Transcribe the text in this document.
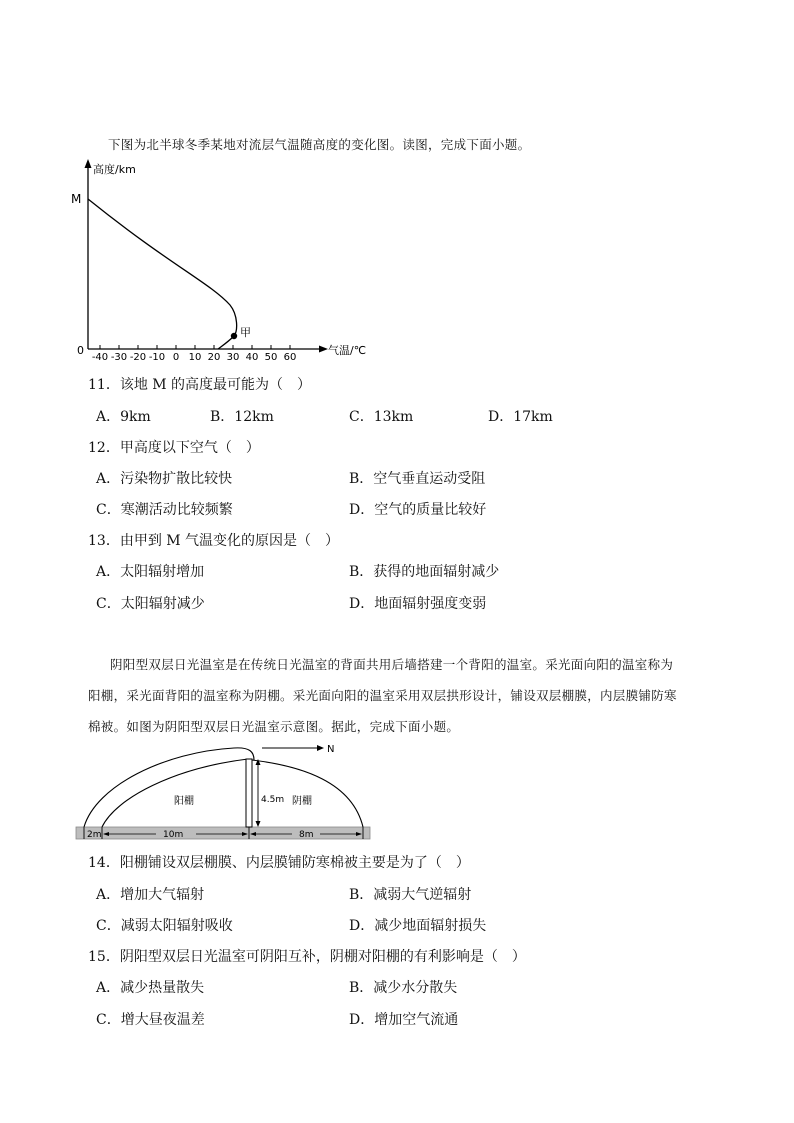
下图为北半球冬季某地对流层气温随高度的变化图。读图，完成下面小题。
高度/km
M
0
甲
气温/℃
-40 -30 -20 -10 0 10 20 30 40 50 60
11．该地 M 的高度最可能为（　）
A．9km	B．12km	C．13km	D．17km
12．甲高度以下空气（　）
A．污染物扩散比较快	B．空气垂直运动受阻
C．寒潮活动比较频繁	D．空气的质量比较好
13．由甲到 M 气温变化的原因是（　）
A．太阳辐射增加	B．获得的地面辐射减少
C．太阳辐射减少	D．地面辐射强度变弱
阴阳型双层日光温室是在传统日光温室的背面共用后墙搭建一个背阳的温室。采光面向阳的温室称为
阳棚，采光面背阳的温室称为阴棚。采光面向阳的温室采用双层拱形设计，铺设双层棚膜，内层膜铺防寒
棉被。如图为阴阳型双层日光温室示意图。据此，完成下面小题。
N
4.5m
阳棚	阴棚
2m	10m	8m
14．阳棚铺设双层棚膜、内层膜铺防寒棉被主要是为了（　）
A．增加大气辐射	B．减弱大气逆辐射
C．减弱太阳辐射吸收	D．减少地面辐射损失
15．阴阳型双层日光温室可阴阳互补，阴棚对阳棚的有利影响是（　）
A．减少热量散失	B．减少水分散失
C．增大昼夜温差	D．增加空气流通
